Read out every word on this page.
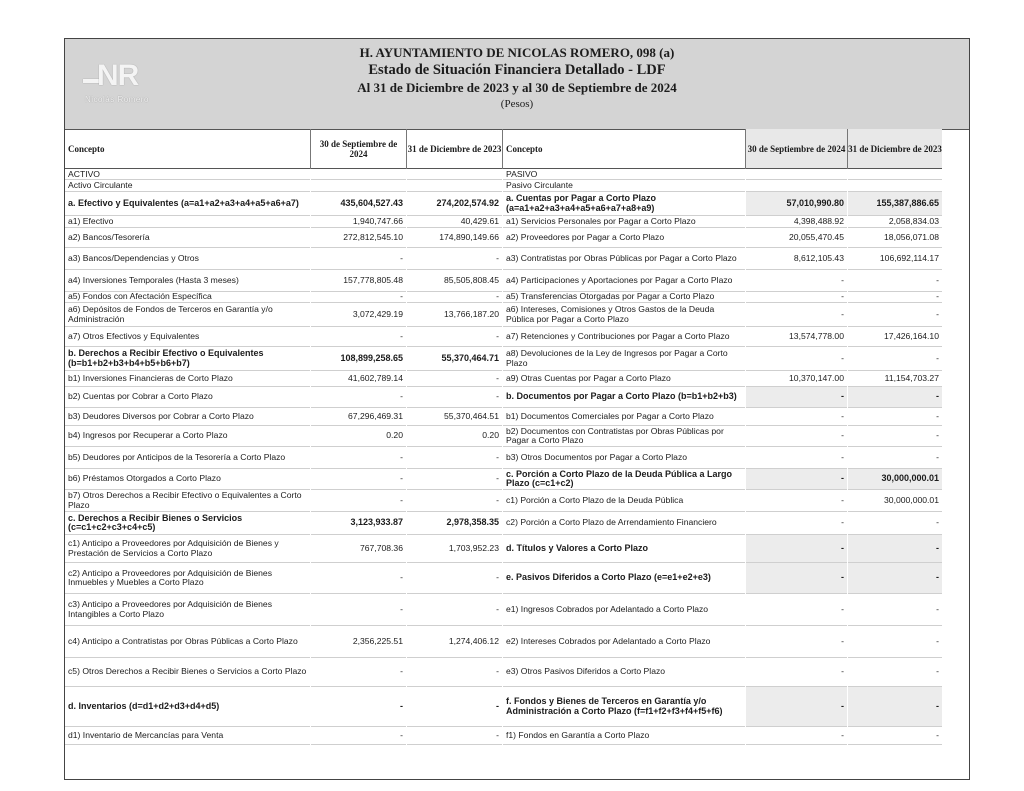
NR
Nicolás Romero
H. AYUNTAMIENTO DE NICOLAS ROMERO, 098 (a)
Estado de Situación Financiera Detallado - LDF
Al 31 de Diciembre de 2023 y al 30 de Septiembre de 2024
(Pesos)
Concepto
ACTIVO
Activo Circulante
a. Efectivo y Equivalentes (a=a1+a2+a3+a4+a5+a6+a7)
a1) Efectivo
a2) Bancos/Tesorería
a3) Bancos/Dependencias y Otros
a4) Inversiones Temporales (Hasta 3 meses)
a5) Fondos con Afectación Específica
a6) Depósitos de Fondos de Terceros en Garantía y/o Administración
a7) Otros Efectivos y Equivalentes
b. Derechos a Recibir Efectivo o Equivalentes (b=b1+b2+b3+b4+b5+b6+b7)
b1) Inversiones Financieras de Corto Plazo
b2) Cuentas por Cobrar a Corto Plazo
b3) Deudores Diversos por Cobrar a Corto Plazo
b4) Ingresos por Recuperar a Corto Plazo
b5) Deudores por Anticipos de la Tesorería a Corto Plazo
b6) Préstamos Otorgados a Corto Plazo
b7) Otros Derechos a Recibir Efectivo o Equivalentes a Corto Plazo
c. Derechos a Recibir Bienes o Servicios (c=c1+c2+c3+c4+c5)
c1) Anticipo a Proveedores por Adquisición de Bienes y Prestación de Servicios a Corto Plazo
c2) Anticipo a Proveedores por Adquisición de Bienes Inmuebles y Muebles a Corto Plazo
c3) Anticipo a Proveedores por Adquisición de Bienes Intangibles a Corto Plazo
c4) Anticipo a Contratistas por Obras Públicas a Corto Plazo
c5) Otros Derechos a Recibir Bienes o Servicios a Corto Plazo
d. Inventarios (d=d1+d2+d3+d4+d5)
d1) Inventario de Mercancías para Venta
30 de Septiembre de 2024
435,604,527.43
1,940,747.66
272,812,545.10
-
157,778,805.48
-
3,072,429.19
-
108,899,258.65
41,602,789.14
-
67,296,469.31
0.20
-
-
-
3,123,933.87
767,708.36
-
-
2,356,225.51
-
-
-
31 de Diciembre de 2023
274,202,574.92
40,429.61
174,890,149.66
-
85,505,808.45
-
13,766,187.20
-
55,370,464.71
-
-
55,370,464.51
0.20
-
-
-
2,978,358.35
1,703,952.23
-
-
1,274,406.12
-
-
-
Concepto
PASIVO
Pasivo Circulante
a. Cuentas por Pagar a Corto Plazo (a=a1+a2+a3+a4+a5+a6+a7+a8+a9)
a1) Servicios Personales por Pagar a Corto Plazo
a2) Proveedores por Pagar a Corto Plazo
a3) Contratistas por Obras Públicas por Pagar a Corto Plazo
a4) Participaciones y Aportaciones por Pagar a Corto Plazo
a5) Transferencias Otorgadas por Pagar a Corto Plazo
a6) Intereses, Comisiones y Otros Gastos de la Deuda Pública por Pagar a Corto Plazo
a7) Retenciones y Contribuciones por Pagar a Corto Plazo
a8) Devoluciones de la Ley de Ingresos por Pagar a Corto Plazo
a9) Otras Cuentas por Pagar a Corto Plazo
b. Documentos por Pagar a Corto Plazo (b=b1+b2+b3)
b1) Documentos Comerciales por Pagar a Corto Plazo
b2) Documentos con Contratistas por Obras Públicas por Pagar a Corto Plazo
b3) Otros Documentos por Pagar a Corto Plazo
c. Porción a Corto Plazo de la Deuda Pública a Largo Plazo (c=c1+c2)
c1) Porción a Corto Plazo de la Deuda Pública
c2) Porción a Corto Plazo de Arrendamiento Financiero
d. Títulos y Valores a Corto Plazo
e. Pasivos Diferidos a Corto Plazo (e=e1+e2+e3)
e1) Ingresos Cobrados por Adelantado a Corto Plazo
e2) Intereses Cobrados por Adelantado a Corto Plazo
e3) Otros Pasivos Diferidos a Corto Plazo
f. Fondos y Bienes de Terceros en Garantía y/o Administración a Corto Plazo (f=f1+f2+f3+f4+f5+f6)
f1) Fondos en Garantía a Corto Plazo
30 de Septiembre de 2024
57,010,990.80
4,398,488.92
20,055,470.45
8,612,105.43
-
-
-
13,574,778.00
-
10,370,147.00
-
-
-
-
-
-
-
-
-
-
-
-
-
-
31 de Diciembre de 2023
155,387,886.65
2,058,834.03
18,056,071.08
106,692,114.17
-
-
-
17,426,164.10
-
11,154,703.27
-
-
-
-
30,000,000.01
30,000,000.01
-
-
-
-
-
-
-
-
